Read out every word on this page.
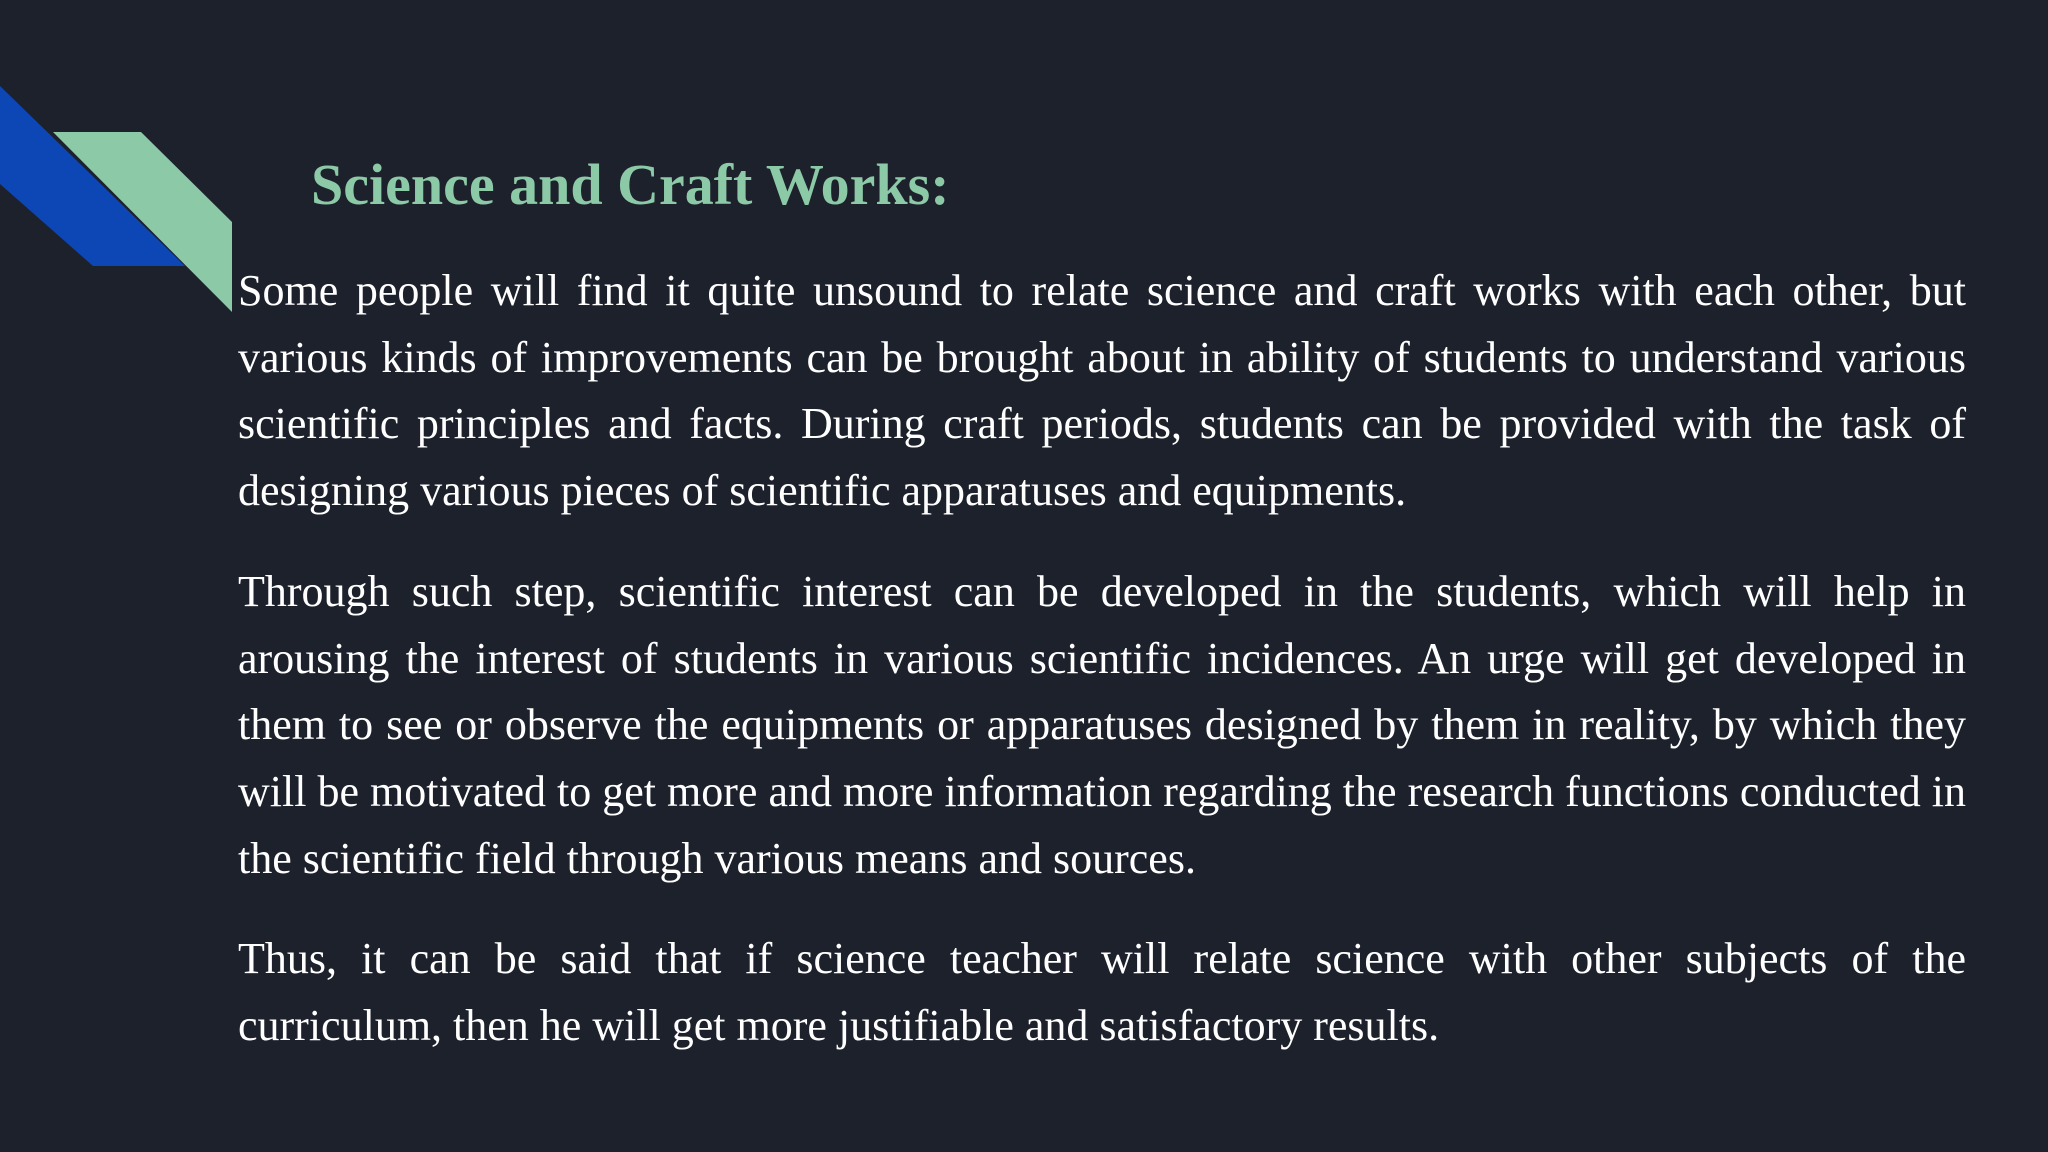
Science and Craft Works:

Some people will find it quite unsound to relate science and craft works with each other, but various kinds of improvements can be brought about in ability of students to understand various scientific principles and facts. During craft periods, students can be provided with the task of designing various pieces of scientific apparatuses and equipments.

Through such step, scientific interest can be developed in the students, which will help in arousing the interest of students in various scientific incidences. An urge will get developed in them to see or observe the equipments or apparatuses designed by them in reality, by which they will be motivated to get more and more information regarding the research functions conducted in the scientific field through various means and sources.

Thus, it can be said that if science teacher will relate science with other subjects of the curriculum, then he will get more justifiable and satisfactory results.
